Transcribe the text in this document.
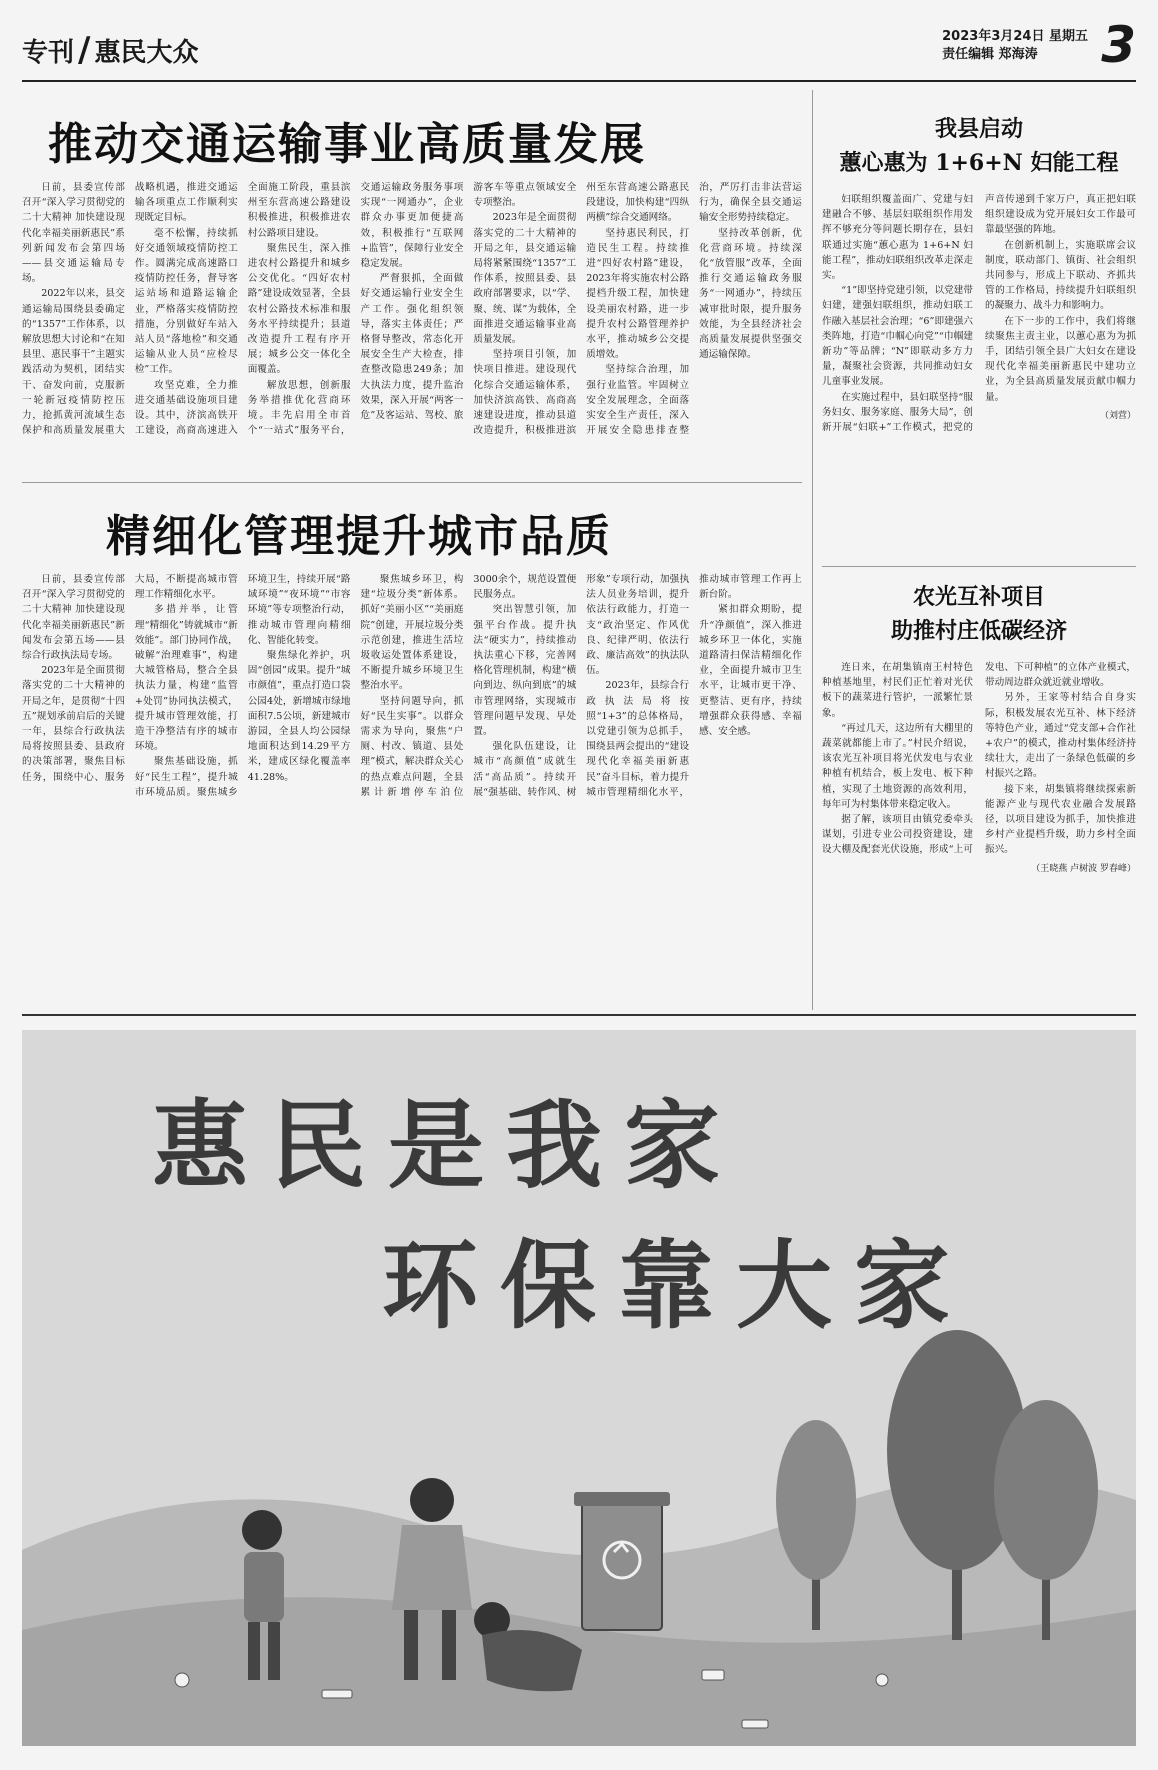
专刊 / 惠民大众
2023年3月24日 星期五
责任编辑 郑海涛	3
推动交通运输事业高质量发展

日前，县委宣传部召开“深入学习贯彻党的二十大精神 加快建设现代化幸福美丽新惠民”系列新闻发布会第四场——县交通运输局专场。

2022年以来，县交通运输局围绕县委确定的“1357”工作体系，以解放思想大讨论和“在知县里、惠民事干”主题实践活动为契机，团结实干、奋发向前，克服新一轮新冠疫情防控压力，抢抓黄河流域生态保护和高质量发展重大战略机遇，推进交通运输各项重点工作顺利实现既定目标。

毫不松懈，持续抓好交通领域疫情防控工作。圆满完成高速路口疫情防控任务，督导客运站场和道路运输企业，严格落实疫情防控措施，分别做好车站入站人员“落地检”和交通运输从业人员“应检尽检”工作。

攻坚克难，全力推进交通基础设施项目建设。其中，济滨高铁开工建设，高商高速进入全面施工阶段，重县滨州至东营高速公路建设积极推进，积极推进农村公路项目建设。

聚焦民生，深入推进农村公路提升和城乡公交优化。“四好农村路”建设成效显著，全县农村公路技术标准和服务水平持续提升；县道改造提升工程有序开展；城乡公交一体化全面覆盖。

解放思想，创新服务举措推优化营商环境。丰先启用全市首个“一站式”服务平台，交通运输政务服务事项实现“一网通办”，企业群众办事更加便捷高效，积极推行“互联网+监管”，保障行业安全稳定发展。

严督狠抓，全面做好交通运输行业安全生产工作。强化组织领导，落实主体责任；严格督导整改，常态化开展安全生产大检查，排查整改隐患249条；加大执法力度，提升监治效果，深入开展“两客一危”及客运站、驾校、旅游客车等重点领域安全专项整治。

2023年是全面贯彻落实党的二十大精神的开局之年，县交通运输局将紧紧围绕“1357”工作体系，按照县委、县政府部署要求，以“学、聚、统、谋”为载体，全面推进交通运输事业高质量发展。

坚持项目引领，加快项目推进。建设现代化综合交通运输体系，加快济滨高铁、高商高速建设进度，推动县道改造提升，积极推进滨州至东营高速公路惠民段建设，加快构建“四纵两横”综合交通网络。

坚持惠民利民，打造民生工程。持续推进“四好农村路”建设，2023年将实施农村公路提档升级工程，加快建设美丽农村路，进一步提升农村公路管理养护水平，推动城乡公交提质增效。

坚持综合治理，加强行业监管。牢固树立安全发展理念，全面落实安全生产责任，深入开展安全隐患排查整治，严厉打击非法营运行为，确保全县交通运输安全形势持续稳定。

坚持改革创新，优化营商环境。持续深化“放管服”改革，全面推行交通运输政务服务“一网通办”，持续压减审批时限，提升服务效能，为全县经济社会高质量发展提供坚强交通运输保障。

精细化管理提升城市品质

日前，县委宣传部召开“深入学习贯彻党的二十大精神 加快建设现代化幸福美丽新惠民”新闻发布会第五场——县综合行政执法局专场。

2023年是全面贯彻落实党的二十大精神的开局之年，是贯彻“十四五”规划承前启后的关键一年，县综合行政执法局将按照县委、县政府的决策部署，聚焦目标任务，围绕中心、服务大局，不断提高城市管理工作精细化水平。

多措并举，让管理“精细化”铸就城市“新效能”。部门协同作战，破解“治理难事”，构建大城管格局，整合全县执法力量，构建“监管+处罚”协同执法模式，提升城市管理效能，打造干净整洁有序的城市环境。

聚焦基础设施，抓好“民生工程”，提升城市环境品质。聚焦城乡环境卫生，持续开展“路域环境”“夜环境”“市容环境”等专项整治行动，推动城市管理向精细化、智能化转变。

聚焦绿化养护，巩固“创园”成果。提升“城市颜值”，重点打造口袋公园4处，新增城市绿地面积7.5公顷，新建城市游园，全县人均公园绿地面积达到14.29平方米，建成区绿化覆盖率41.28%。

聚焦城乡环卫，构建“垃圾分类”新体系。抓好“美丽小区”“美丽庭院”创建，开展垃圾分类示范创建，推进生活垃圾收运处置体系建设，不断提升城乡环境卫生整治水平。

坚持问题导向，抓好“民生实事”。以群众需求为导向，聚焦“户厕、村改、镇道、县处理”模式，解决群众关心的热点难点问题，全县累计新增停车泊位 3000余个，规范设置便民服务点。

突出智慧引领，加强平台作战。提升执法“硬实力”，持续推动执法重心下移，完善网格化管理机制，构建“横向到边、纵向到底”的城市管理网络，实现城市管理问题早发现、早处置。

强化队伍建设，让城市“高颜值”成就生活“高品质”。持续开展“强基础、转作风、树形象”专项行动，加强执法人员业务培训，提升依法行政能力，打造一支“政治坚定、作风优良、纪律严明、依法行政、廉洁高效”的执法队伍。

2023年，县综合行政执法局将按照“1+3”的总体格局，以党建引领为总抓手，围绕县两会提出的“建设现代化幸福美丽新惠民”奋斗目标，着力提升城市管理精细化水平，推动城市管理工作再上新台阶。

紧扣群众期盼，提升“净颜值”，深入推进城乡环卫一体化，实施道路清扫保洁精细化作业，全面提升城市卫生水平，让城市更干净、更整洁、更有序，持续增强群众获得感、幸福感、安全感。

我县启动
蕙心惠为 1+6+N 妇能工程

妇联组织覆盖面广、党建与妇建融合不够、基层妇联组织作用发挥不够充分等问题长期存在，县妇联通过实施“蕙心惠为 1+6+N 妇能工程”，推动妇联组织改革走深走实。

“1”即坚持党建引领，以党建带妇建，建强妇联组织，推动妇联工作融入基层社会治理；“6”即建强六类阵地，打造“巾帼心向党”“巾帼建新功”等品牌；“N”即联动多方力量，凝聚社会资源，共同推动妇女儿童事业发展。

在实施过程中，县妇联坚持“服务妇女、服务家庭、服务大局”，创新开展“妇联+”工作模式，把党的声音传递到千家万户，真正把妇联组织建设成为党开展妇女工作最可靠最坚强的阵地。

在创新机制上，实施联席会议制度，联动部门、镇街、社会组织共同参与，形成上下联动、齐抓共管的工作格局，持续提升妇联组织的凝聚力、战斗力和影响力。

在下一步的工作中，我们将继续聚焦主责主业，以蕙心惠为为抓手，团结引领全县广大妇女在建设现代化幸福美丽新惠民中建功立业，为全县高质量发展贡献巾帼力量。

（刘营）
农光互补项目
助推村庄低碳经济

连日来，在胡集镇南王村特色种植基地里，村民们正忙着对光伏板下的蔬菜进行管护，一派繁忙景象。

“再过几天，这边所有大棚里的蔬菜就都能上市了。”村民介绍说，该农光互补项目将光伏发电与农业种植有机结合，板上发电、板下种植，实现了土地资源的高效利用，每年可为村集体带来稳定收入。

据了解，该项目由镇党委牵头谋划，引进专业公司投资建设，建设大棚及配套光伏设施，形成“上可发电、下可种植”的立体产业模式，带动周边群众就近就业增收。

另外，王家等村结合自身实际，积极发展农光互补、林下经济等特色产业，通过“党支部+合作社+农户”的模式，推动村集体经济持续壮大，走出了一条绿色低碳的乡村振兴之路。

接下来，胡集镇将继续探索新能源产业与现代农业融合发展路径，以项目建设为抓手，加快推进乡村产业提档升级，助力乡村全面振兴。

（王晓燕 卢树波 罗春峰）
惠民是我家
环保靠大家
